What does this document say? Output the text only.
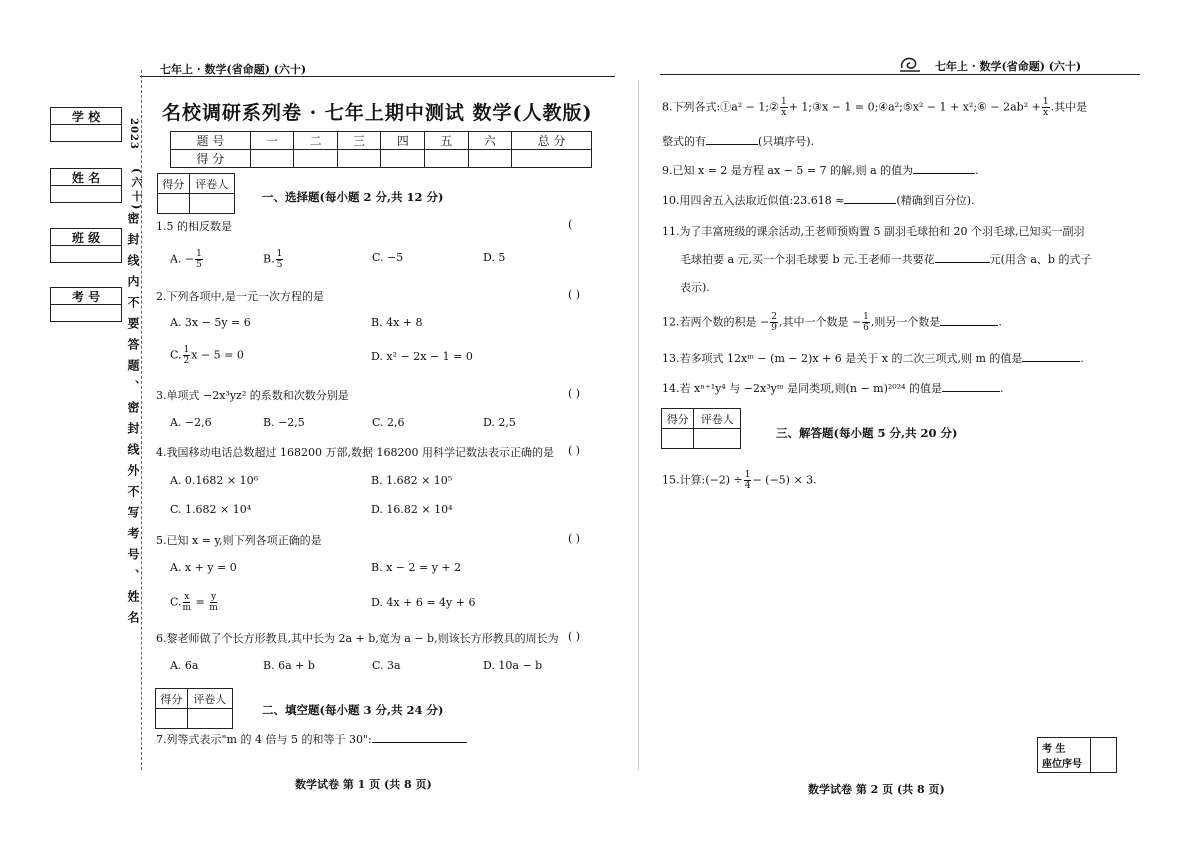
七年上 · 数学(省命题) (六十)
学 校
姓 名
班 级
考 号
2023
(六十)
密封线内不要答题、密封线外不写考号、姓名
名校调研系列卷 · 七年上期中测试 数学(人教版)
题 号	一	二	三	四	五	六	总 分
得 分							
得分	评卷人

一、选择题(每小题 2 分,共 12 分)
1.5 的相反数是	(
A. − $\frac{1}{5}$	B. $\frac{1}{5}$	C. −5	D. 5
2.下列各项中,是一元一次方程的是	( )
A. 3x − 5y = 6	B. 4x + 8
C. $\frac{1}{2}$ x − 5 = 0	D. x² − 2x − 1 = 0
3.单项式 −2x³yz² 的系数和次数分别是	( )
A. −2,6	B. −2,5	C. 2,6	D. 2,5
4.我国移动电话总数超过 168200 万部,数据 168200 用科学记数法表示正确的是 ( )
A. 0.1682 × 10⁶	B. 1.682 × 10⁵
C. 1.682 × 10⁴	D. 16.82 × 10⁴
5.已知 x = y,则下列各项正确的是	( )
A. x + y = 0	B. x − 2 = y + 2
C. $\frac{x}{m} = \frac{y}{m}$	D. 4x + 6 = 4y + 6
6.黎老师做了个长方形教具,其中长为 2a + b,宽为 a − b,则该长方形教具的周长为 ( )
A. 6a	B. 6a + b	C. 3a	D. 10a − b
得分	评卷人

二、填空题(每小题 3 分,共 24 分)
7.列等式表示"m 的 4 倍与 5 的和等于 30":
数学试卷 第 1 页 (共 8 页)
七年上 · 数学(省命题) (六十)
8.下列各式:①a² − 1;② $\frac{1}{x}$ + 1;③x − 1 = 0;④a²;⑤x² − 1 + x²;⑥ − $2ab^2 + \frac{1}{x}$ .其中是
整式的有	(只填序号).
9.已知 x = 2 是方程 ax − 5 = 7 的解,则 a 的值为	.
10.用四舍五入法取近似值:23.618 ≈	(精确到百分位).
11.为了丰富班级的课余活动,王老师预购置 5 副羽毛球拍和 20 个羽毛球,已知买一副羽
毛球拍要 a 元,买一个羽毛球要 b 元.王老师一共要花	元(用含 a、b 的式子
表示).
12.若两个数的积是 − $\frac{2}{9}$ ,其中一个数是 − $\frac{1}{6}$ ,则另一个数是	.
13.若多项式 12xᵐ − (m − 2)x + 6 是关于 x 的二次三项式,则 m 的值是	.
14.若 xⁿ⁺¹y⁴ 与 −2x³yᵐ 是同类项,则(n − m)²⁰²⁴ 的值是	.
得分	评卷人

三、解答题(每小题 5 分,共 20 分)
15.计算:(−2) ÷ $\frac{1}{4} - (-5) \times 3$.
考 生
座位序号
数学试卷 第 2 页 (共 8 页)
